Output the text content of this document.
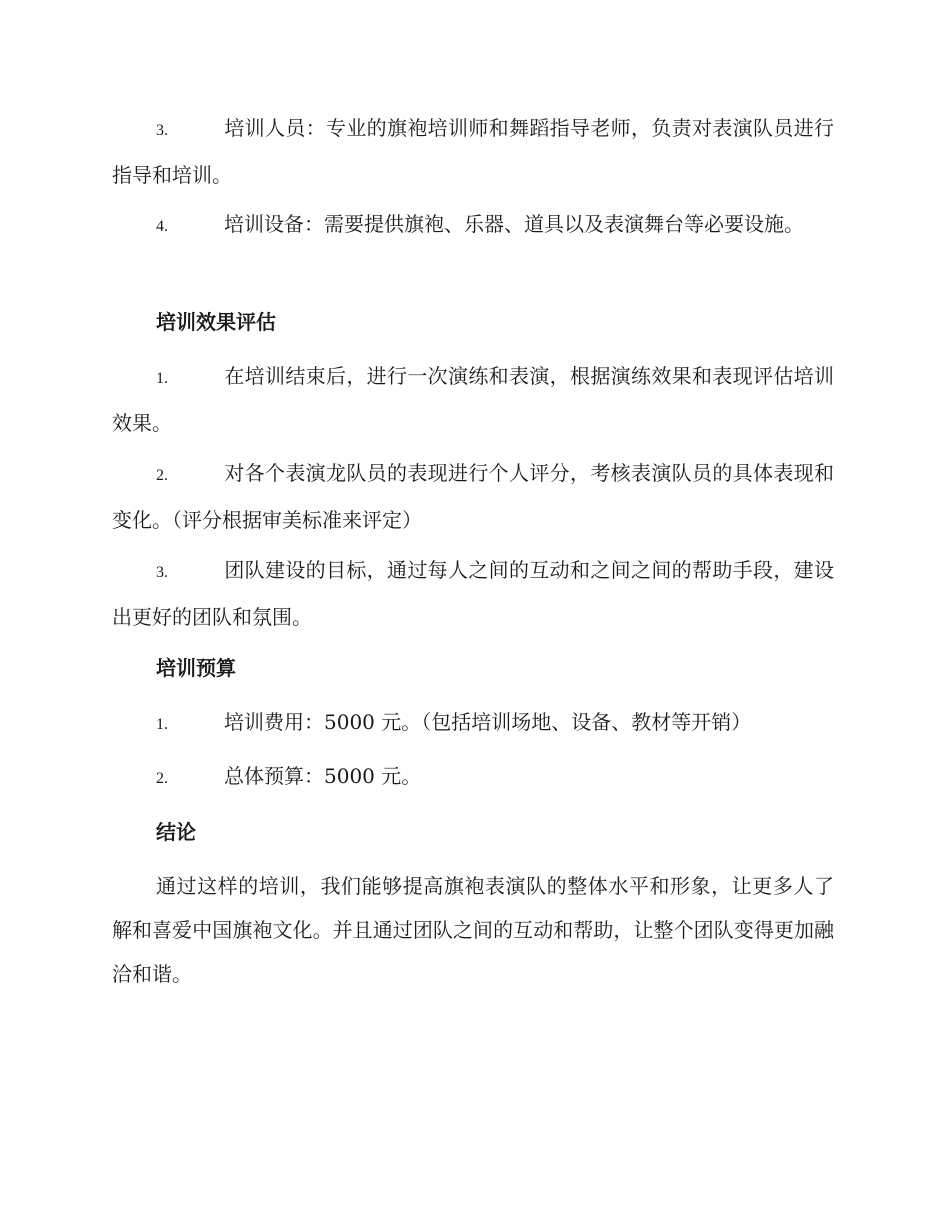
3.	培训人员：专业的旗袍培训师和舞蹈指导老师，负责对表演队员进行指导和培训。
4.	培训设备：需要提供旗袍、乐器、道具以及表演舞台等必要设施。
培训效果评估
1.	在培训结束后，进行一次演练和表演，根据演练效果和表现评估培训效果。
2.	对各个表演龙队员的表现进行个人评分，考核表演队员的具体表现和变化。（评分根据审美标准来评定）
3.	团队建设的目标，通过每人之间的互动和之间之间的帮助手段，建设出更好的团队和氛围。
培训预算
1.	培训费用：5000 元。（包括培训场地、设备、教材等开销）
2.	总体预算：5000 元。
结论
通过这样的培训，我们能够提高旗袍表演队的整体水平和形象，让更多人了解和喜爱中国旗袍文化。并且通过团队之间的互动和帮助，让整个团队变得更加融洽和谐。
